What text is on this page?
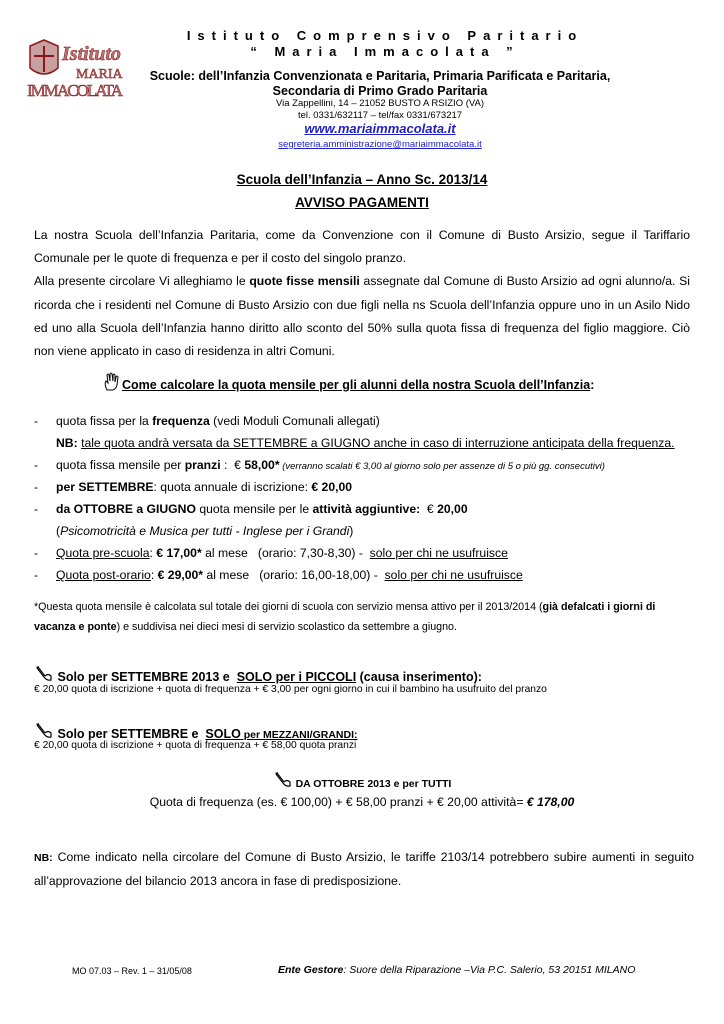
Istituto
MARIA
IMMACOLATA
Istituto Comprensivo Paritario
“ Maria Immacolata ”
Scuole: dell’Infanzia Convenzionata e Paritaria, Primaria Parificata e Paritaria,
Secondaria di Primo Grado Paritaria
Via Zappellini, 14 – 21052 BUSTO A RSIZIO (VA)
tel. 0331/632117 – tel/fax 0331/673217
www.mariaimmacolata.it
segreteria.amministrazione@mariaimmacolata.it
Scuola dell’Infanzia – Anno Sc. 2013/14
AVVISO PAGAMENTI

La nostra Scuola dell’Infanzia Paritaria, come da Convenzione con il Comune di Busto Arsizio, segue il Tariffario Comunale per le quote di frequenza e per il costo del singolo pranzo.

Alla presente circolare Vi alleghiamo le quote fisse mensili assegnate dal Comune di Busto Arsizio ad ogni alunno/a. Si ricorda che i residenti nel Comune di Busto Arsizio con due figli nella ns Scuola dell’Infanzia oppure uno in un Asilo Nido ed uno alla Scuola dell’Infanzia hanno diritto allo sconto del 50% sulla quota fissa di frequenza del figlio maggiore. Ciò non viene applicato in caso di residenza in altri Comuni.

Come calcolare la quota mensile per gli alunni della nostra Scuola dell’Infanzia:
- quota fissa per la frequenza (vedi Moduli Comunali allegati)
NB: tale quota andrà versata da SETTEMBRE a GIUGNO anche in caso di interruzione anticipata della frequenza.
- quota fissa mensile per pranzi :  € 58,00* (verranno scalati € 3,00 al giorno solo per assenze di 5 o più gg. consecutivi)
- per SETTEMBRE: quota annuale di iscrizione: € 20,00
- da OTTOBRE a GIUGNO quota mensile per le attività aggiuntive:  € 20,00
(Psicomotricità e Musica per tutti - Inglese per i Grandi)
- Quota pre-scuola: € 17,00* al mese   (orario: 7,30-8,30) -  solo per chi ne usufruisce
- Quota post-orario: € 29,00* al mese   (orario: 16,00-18,00) -  solo per chi ne usufruisce

*Questa quota mensile è calcolata sul totale dei giorni di scuola con servizio mensa attivo per il 2013/2014 (già defalcati i giorni di vacanza e ponte) e suddivisa nei dieci mesi di servizio scolastico da settembre a giugno.

Solo per SETTEMBRE 2013 e  SOLO per i PICCOLI (causa inserimento):
€ 20,00 quota di iscrizione + quota di frequenza + € 3,00 per ogni giorno in cui il bambino ha usufruito del pranzo
Solo per SETTEMBRE e  SOLO per MEZZANI/GRANDI:
€ 20,00 quota di iscrizione + quota di frequenza + € 58,00 quota pranzi
DA OTTOBRE 2013 e per TUTTI
Quota di frequenza (es. € 100,00) + € 58,00 pranzi + € 20,00 attività= € 178,00

NB: Come indicato nella circolare del Comune di Busto Arsizio, le tariffe 2103/14 potrebbero subire aumenti in seguito all’approvazione del bilancio 2013 ancora in fase di predisposizione.

MO 07.03 – Rev. 1 – 31/05/08	Ente Gestore: Suore della Riparazione –Via P.C. Salerio, 53 20151 MILANO
